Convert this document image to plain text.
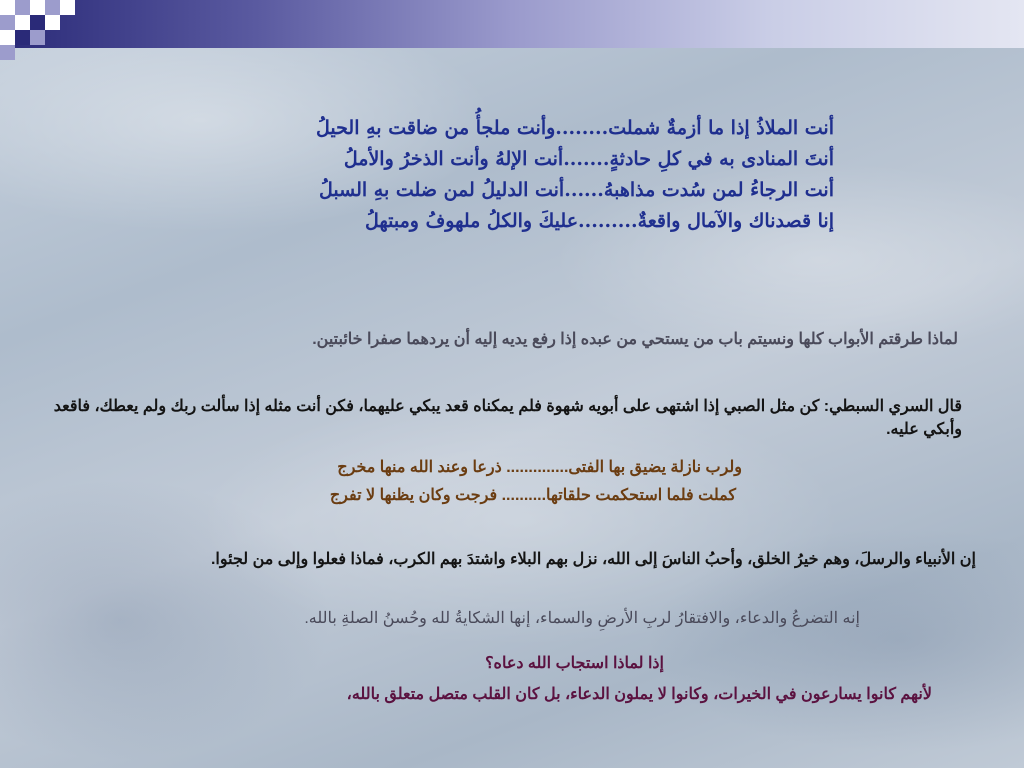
أنت الملاذُ إذا ما أزمةٌ شملت........وأنت ملجأُ من ضاقت بهِ الحيلُ
أنتَ المنادى به في كلِ حادثةٍ.......أنت الإلهُ وأنت الذخرُ والأملُ
أنت الرجاءُ لمن سُدت مذاهبهُ......أنت الدليلُ لمن ضلت بهِ السبلُ
إنا قصدناك والآمال واقعةٌ.........عليكَ والكلُ ملهوفُ ومبتهلُ
لماذا طرقتم الأبواب كلها ونسيتم باب من يستحي من عبده إذا رفع يديه إليه أن يردهما صفرا خائبتين.
قال السري السبطي: كن مثل الصبي إذا اشتهى على أبويه شهوة فلم يمكناه قعد يبكي عليهما، فكن أنت مثله إذا سألت ربك ولم يعطك، فاقعد وأبكي عليه.
ولرب نازلة يضيق بها الفتى.............. ذرعا وعند الله منها مخرج
كملت فلما استحكمت حلقاتها.......... فرجت وكان يظنها لا تفرج
إن الأنبياء والرسلَ، وهم خيرُ الخلق، وأحبُ الناسَ إلى الله، نزل بهم البلاء واشتدَ بهم الكرب، فماذا فعلوا وإلى من لجئوا.
إنه التضرعُ والدعاء، والافتقارُ لربِ الأرضِ والسماء، إنها الشكايةُ لله وحُسنُ الصلةِ بالله.
إذا لماذا استجاب الله دعاه؟
لأنهم كانوا يسارعون في الخيرات، وكانوا لا يملون الدعاء، بل كان القلب متصل متعلق بالله،
